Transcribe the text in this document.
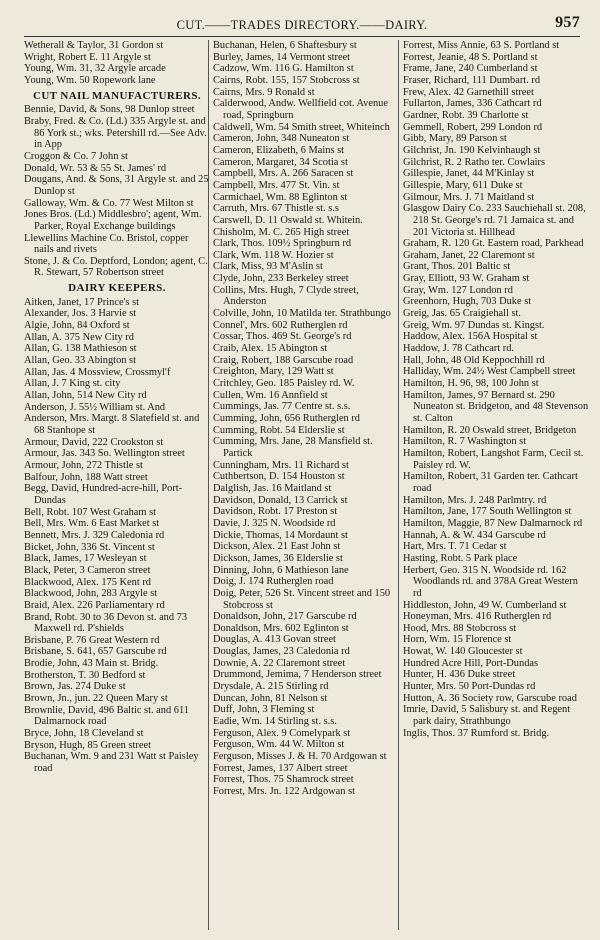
CUT.——TRADES DIRECTORY.——DAIRY.	957
Wetherall & Taylor, 31 Gordon st
Wright, Robert E. 11 Argyle st
Young, Wm. 31, 32 Argyle arcade
Young, Wm. 50 Ropework lane
CUT NAIL MANUFACTURERS.
Bennie, David, & Sons, 98 Dunlop street
Braby, Fred. & Co. (Ld.) 335 Argyle st. and 86 York st.; wks. Petershill rd.—See Adv. in App
Croggon & Co. 7 John st
Donald, Wr. 53 & 55 St. James' rd
Dougans, And. & Sons, 31 Argyle st. and 25 Dunlop st
Galloway, Wm. & Co. 77 West Milton st
Jones Bros. (Ld.) Middlesbro'; agent, Wm. Parker, Royal Exchange buildings
Llewellins Machine Co. Bristol, copper nails and rivets
Stone, J. & Co. Deptford, London; agent, C. R. Stewart, 57 Robertson street
DAIRY KEEPERS.
Aitken, Janet, 17 Prince's st
Alexander, Jos. 3 Harvie st
Algie, John, 84 Oxford st
Allan, A. 375 New City rd
Allan, G. 138 Mathieson st
Allan, Geo. 33 Abington st
Allan, Jas. 4 Mossview, Crossmyl'f
Allan, J. 7 King st. city
Allan, John, 514 New City rd
Anderson, J. 55½ William st. And
Anderson, Mrs. Margt. 8 Slatefield st. and 68 Stanhope st
Armour, David, 222 Crookston st
Armour, Jas. 343 So. Wellington street
Armour, John, 272 Thistle st
Balfour, John, 188 Watt street
Begg, David, Hundred-acre-hill, Port-Dundas
Bell, Robt. 107 West Graham st
Bell, Mrs. Wm. 6 East Market st
Bennett, Mrs. J. 329 Caledonia rd
Bicket, John, 336 St. Vincent st
Black, James, 17 Wesleyan st
Black, Peter, 3 Cameron street
Blackwood, Alex. 175 Kent rd
Blackwood, John, 283 Argyle st
Braid, Alex. 226 Parliamentary rd
Brand, Robt. 30 to 36 Devon st. and 73 Maxwell rd. P'shields
Brisbane, P. 76 Great Western rd
Brisbane, S. 641, 657 Garscube rd
Brodie, John, 43 Main st. Bridg.
Brotherston, T. 30 Bedford st
Brown, Jas. 274 Duke st
Brown, Jn., jun. 22 Queen Mary st
Brownlie, David, 496 Baltic st. and 611 Dalmarnock road
Bryce, John, 18 Cleveland st
Bryson, Hugh, 85 Green street
Buchanan, Wm. 9 and 231 Watt st Paisley road
Buchanan, Helen, 6 Shaftesbury st
Burley, James, 14 Vermont street
Cadzow, Wm. 116 G. Hamilton st
Cairns, Robt. 155, 157 Stobcross st
Cairns, Mrs. 9 Ronald st
Calderwood, Andw. Wellfield cot. Avenue road, Springburn
Caldwell, Wm. 54 Smith street, Whiteinch
Cameron, John, 348 Nuneaton st
Cameron, Elizabeth, 6 Mains st
Cameron, Margaret, 34 Scotia st
Campbell, Mrs. A. 266 Saracen st
Campbell, Mrs. 477 St. Vin. st
Carmichael, Wm. 88 Eglinton st
Carruth, Mrs. 67 Thistle st. s.s
Carswell, D. 11 Oswald st. Whitein.
Chisholm, M. C. 265 High street
Clark, Thos. 109½ Springburn rd
Clark, Wm. 118 W. Hozier st
Clark, Miss, 93 M'Aslin st
Clyde, John, 233 Berkeley street
Collins, Mrs. Hugh, 7 Clyde street, Anderston
Colville, John, 10 Matilda ter. Strathbungo
Connel', Mrs. 602 Rutherglen rd
Cossar, Thos. 469 St. George's rd
Craib, Alex. 15 Abington st
Craig, Robert, 188 Garscube road
Creighton, Mary, 129 Watt st
Critchley, Geo. 185 Paisley rd. W.
Cullen, Wm. 16 Annfield st
Cummings, Jas. 77 Centre st. s.s.
Cumming, John, 656 Rutherglen rd
Cumming, Robt. 54 Elderslie st
Cumming, Mrs. Jane, 28 Mansfield st. Partick
Cunningham, Mrs. 11 Richard st
Cuthbertson, D. 154 Houston st
Dalglish, Jas. 16 Maitland st
Davidson, Donald, 13 Carrick st
Davidson, Robt. 17 Preston st
Davie, J. 325 N. Woodside rd
Dickie, Thomas, 14 Mordaunt st
Dickson, Alex. 21 East John st
Dickson, James, 36 Elderslie st
Dinning, John, 6 Mathieson lane
Doig, J. 174 Rutherglen road
Doig, Peter, 526 St. Vincent street and 150 Stobcross st
Donaldson, John, 217 Garscube rd
Donaldson, Mrs. 602 Eglinton st
Douglas, A. 413 Govan street
Douglas, James, 23 Caledonia rd
Downie, A. 22 Claremont street
Drummond, Jemima, 7 Henderson street
Drysdale, A. 215 Stirling rd
Duncan, John, 81 Nelson st
Duff, John, 3 Fleming st
Eadie, Wm. 14 Stirling st. s.s.
Ferguson, Alex. 9 Comelypark st
Ferguson, Wm. 44 W. Milton st
Ferguson, Misses J. & H. 70 Ardgowan st
Forrest, James, 137 Albert street
Forrest, Thos. 75 Shamrock street
Forrest, Mrs. Jn. 122 Ardgowan st
Forrest, Miss Annie, 63 S. Portland st
Forrest, Jeanie, 48 S. Portland st
Frame, Jane, 240 Cumberland st
Fraser, Richard, 111 Dumbart. rd
Frew, Alex. 42 Garnethill street
Fullarton, James, 336 Cathcart rd
Gardner, Robt. 39 Charlotte st
Gemmell, Robert, 299 London rd
Gibb, Mary, 89 Parson st
Gilchrist, Jn. 190 Kelvinhaugh st
Gilchrist, R. 2 Ratho ter. Cowlairs
Gillespie, Janet, 44 M'Kinlay st
Gillespie, Mary, 611 Duke st
Gilmour, Mrs. J. 71 Maitland st
Glasgow Dairy Co. 233 Sauchiehall st. 208, 218 St. George's rd. 71 Jamaica st. and 201 Victoria st. Hillhead
Graham, R. 120 Gt. Eastern road, Parkhead
Graham, Janet, 22 Claremont st
Grant, Thos. 201 Baltic st
Gray, Elliott, 93 W. Graham st
Gray, Wm. 127 London rd
Greenhorn, Hugh, 703 Duke st
Greig, Jas. 65 Craigiehall st.
Greig, Wm. 97 Dundas st. Kingst.
Haddow, Alex. 156A Hospital st
Haddow, J. 78 Cathcart rd.
Hall, John, 48 Old Keppochhill rd
Halliday, Wm. 24½ West Campbell street
Hamilton, H. 96, 98, 100 John st
Hamilton, James, 97 Bernard st. 290 Nuneaton st. Bridgeton, and 48 Stevenson st. Calton
Hamilton, R. 20 Oswald street, Bridgeton
Hamilton, R. 7 Washington st
Hamilton, Robert, Langshot Farm, Cecil st. Paisley rd. W.
Hamilton, Robert, 31 Garden ter. Cathcart road
Hamilton, Mrs. J. 248 Parlmtry. rd
Hamilton, Jane, 177 South Wellington st
Hamilton, Maggie, 87 New Dalmarnock rd
Hannah, A. & W. 434 Garscube rd
Hart, Mrs. T. 71 Cedar st
Hasting, Robt. 5 Park place
Herbert, Geo. 315 N. Woodside rd. 162 Woodlands rd. and 378A Great Western rd
Hiddleston, John, 49 W. Cumberland st
Honeyman, Mrs. 416 Rutherglen rd
Hood, Mrs. 88 Stobcross st
Horn, Wm. 15 Florence st
Howat, W. 140 Gloucester st
Hundred Acre Hill, Port-Dundas
Hunter, H. 436 Duke street
Hunter, Mrs. 50 Port-Dundas rd
Hutton, A. 36 Society row, Garscube road
Imrie, David, 5 Salisbury st. and Regent park dairy, Strathbungo
Inglis, Thos. 37 Rumford st. Bridg.
